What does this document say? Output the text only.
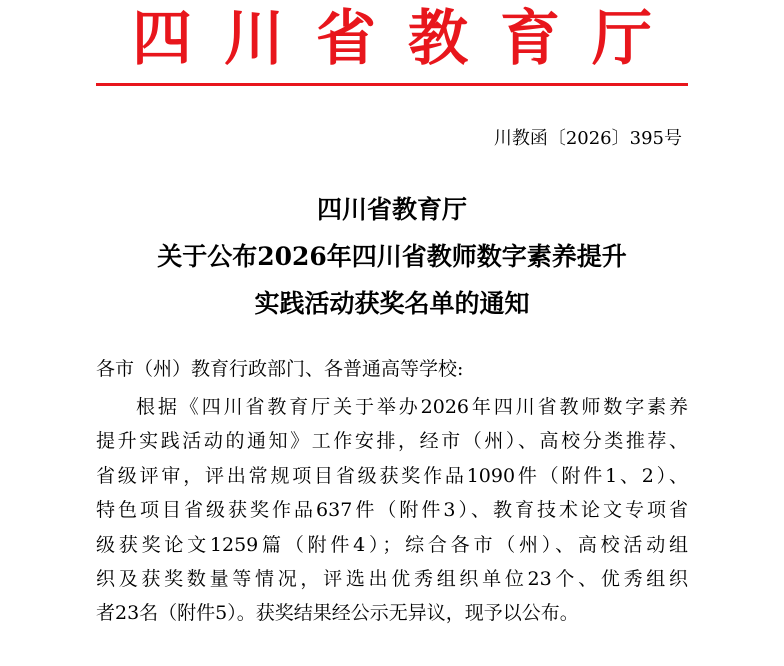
四川省教育厅
川教函〔2026〕395号
四川省教育厅
关于公布2026年四川省教师数字素养提升
实践活动获奖名单的通知
各市（州）教育行政部门、各普通高等学校:
根据《四川省教育厅关于举办2026年四川省教师数字素养
提升实践活动的通知》工作安排，经市（州）、高校分类推荐、
省级评审，评出常规项目省级获奖作品1090件（附件1、2）、
特色项目省级获奖作品637件（附件3）、教育技术论文专项省
级获奖论文1259篇（附件4）；综合各市（州）、高校活动组
织及获奖数量等情况，评选出优秀组织单位23个、优秀组织
者23名（附件5）。获奖结果经公示无异议，现予以公布。
